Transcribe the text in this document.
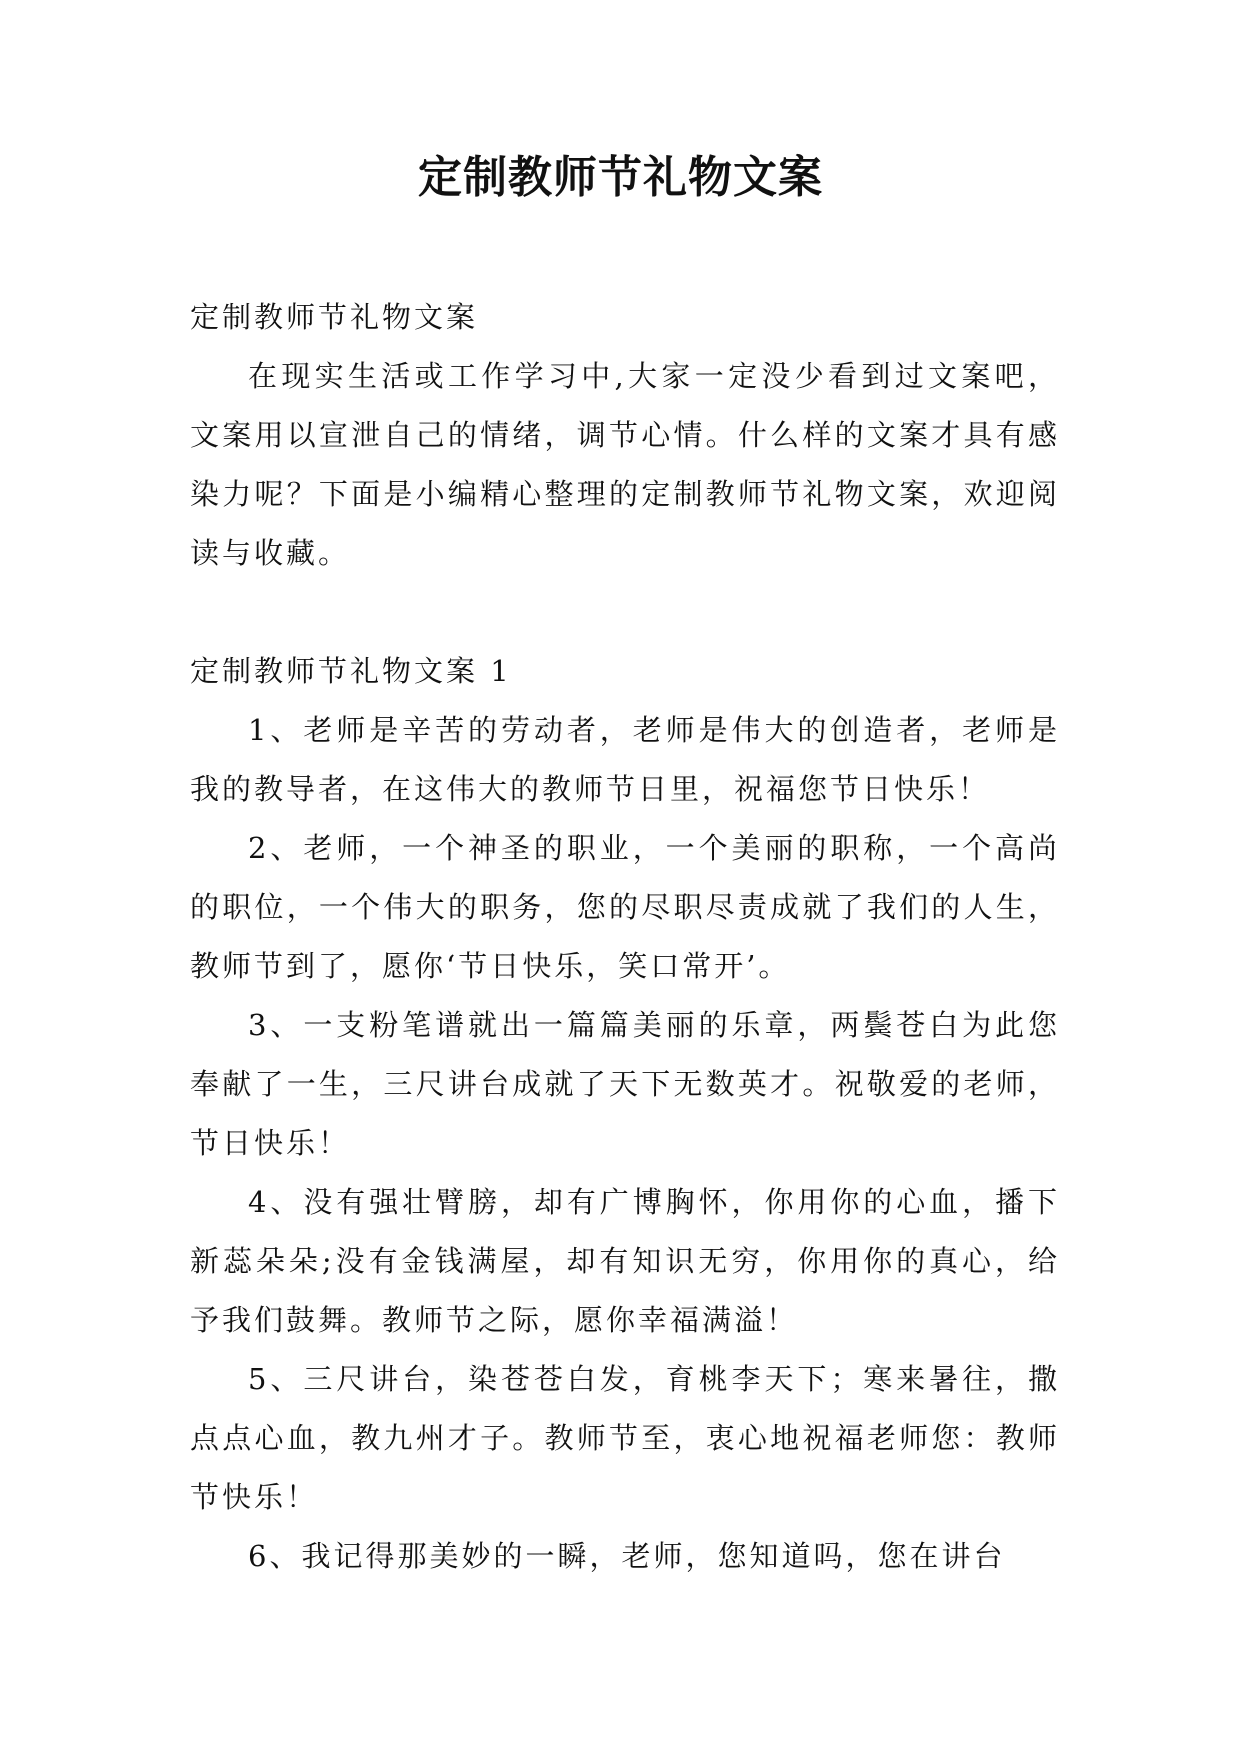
定制教师节礼物文案

定制教师节礼物文案

在现实生活或工作学习中,大家一定没少看到过文案吧，文案用以宣泄自己的情绪，调节心情。什么样的文案才具有感染力呢？下面是小编精心整理的定制教师节礼物文案，欢迎阅读与收藏。

定制教师节礼物文案 1

1、老师是辛苦的劳动者，老师是伟大的创造者，老师是我的教导者，在这伟大的教师节日里，祝福您节日快乐！

2、老师，一个神圣的职业，一个美丽的职称，一个高尚的职位，一个伟大的职务，您的尽职尽责成就了我们的人生，教师节到了，愿你‘节日快乐，笑口常开’。

3、一支粉笔谱就出一篇篇美丽的乐章，两鬓苍白为此您奉献了一生，三尺讲台成就了天下无数英才。祝敬爱的老师，节日快乐！

4、没有强壮臂膀，却有广博胸怀，你用你的心血，播下新蕊朵朵;没有金钱满屋，却有知识无穷，你用你的真心，给予我们鼓舞。教师节之际，愿你幸福满溢！

5、三尺讲台，染苍苍白发，育桃李天下；寒来暑往，撒点点心血，教九州才子。教师节至，衷心地祝福老师您：教师节快乐！

6、我记得那美妙的一瞬，老师，您知道吗，您在讲台
